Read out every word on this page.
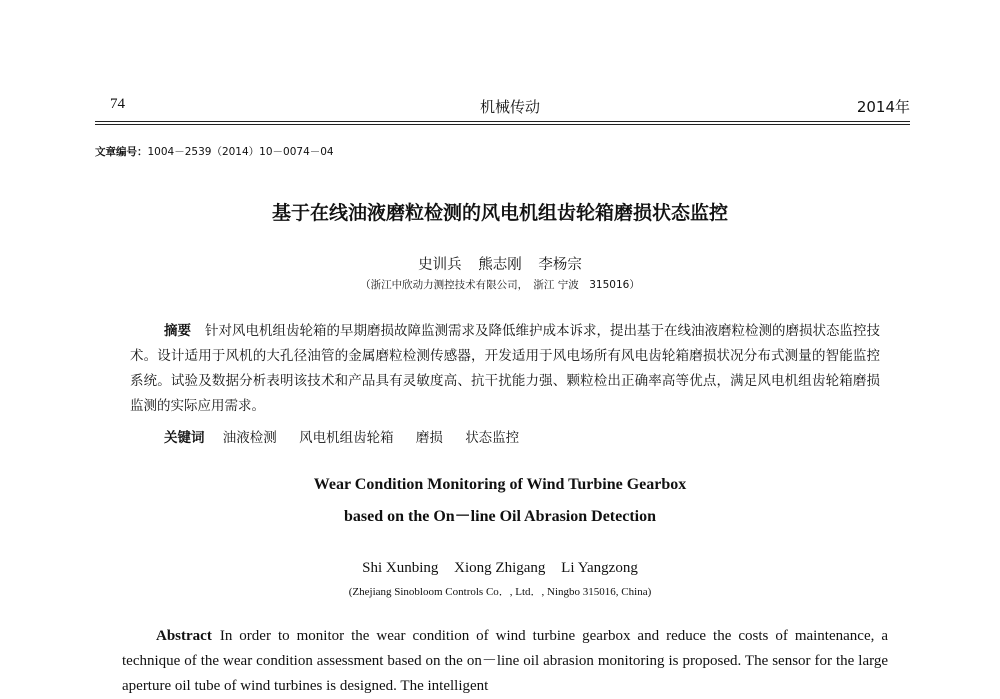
74	机械传动	2014年
文章编号：1004－2539（2014）10－0074－04
基于在线油液磨粒检测的风电机组齿轮箱磨损状态监控
史训兵 熊志刚 李杨宗
（浙江中欣动力测控技术有限公司，　浙江 宁波　315016）
摘要 针对风电机组齿轮箱的早期磨损故障监测需求及降低维护成本诉求，提出基于在线油液磨粒检测的磨损状态监控技术。设计适用于风机的大孔径油管的金属磨粒检测传感器，开发适用于风电场所有风电齿轮箱磨损状况分布式测量的智能监控系统。试验及数据分析表明该技术和产品具有灵敏度高、抗干扰能力强、颗粒检出正确率高等优点，满足风电机组齿轮箱磨损监测的实际应用需求。
关键词 油液检测 风电机组齿轮箱 磨损 状态监控
Wear Condition Monitoring of Wind Turbine Gearbox
based on the On－line Oil Abrasion Detection
Shi Xunbing Xiong Zhigang Li Yangzong
(Zhejiang Sinobloom Controls Co．, Ltd．, Ningbo 315016, China)
Abstract In order to monitor the wear condition of wind turbine gearbox and reduce the costs of maintenance, a technique of the wear condition assessment based on the on－line oil abrasion monitoring is proposed. The sensor for the large aperture oil tube of wind turbines is designed. The intelligent
